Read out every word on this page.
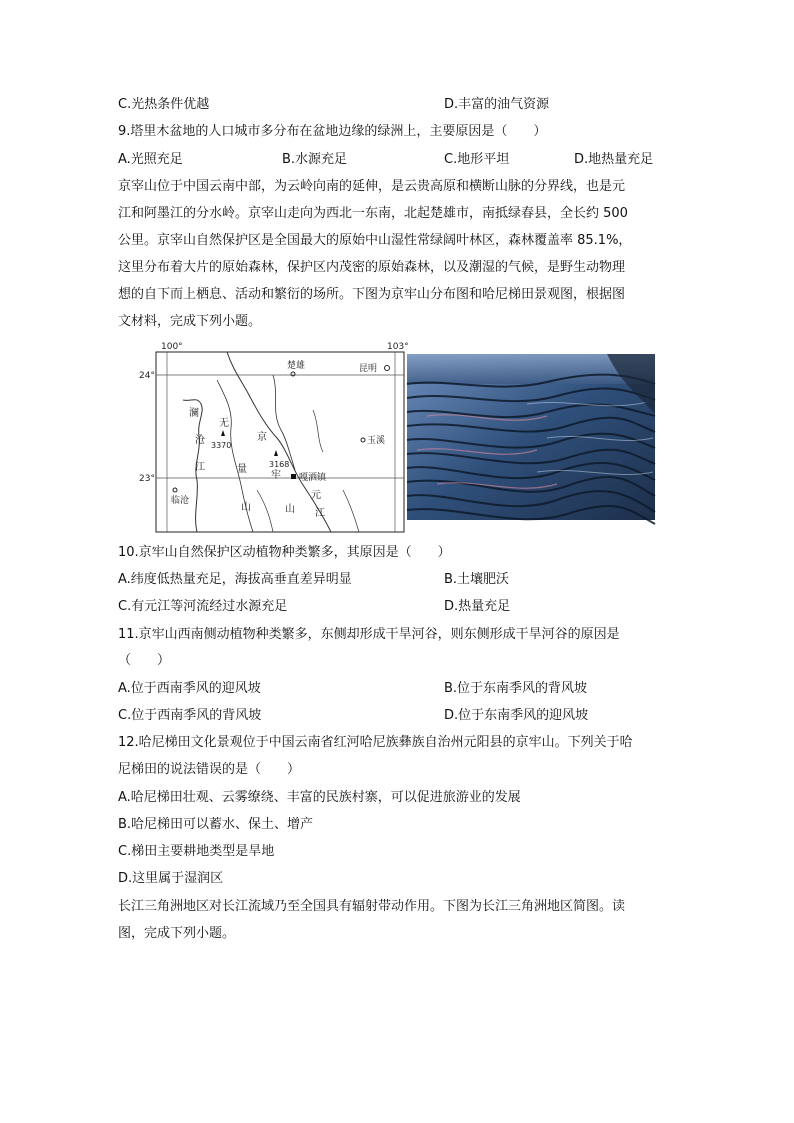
C.光热条件优越	D.丰富的油气资源
9.塔里木盆地的人口城市多分布在盆地边缘的绿洲上，主要原因是（　　）
A.光照充足	B.水源充足	C.地形平坦	D.地热量充足
京宰山位于中国云南中部，为云岭向南的延伸，是云贵高原和横断山脉的分界线，也是元
江和阿墨江的分水岭。京宰山走向为西北一东南，北起楚雄市，南抵绿春县，全长约 500
公里。京宰山自然保护区是全国最大的原始中山湿性常绿阔叶林区，森林覆盖率 85.1%，
这里分布着大片的原始森林，保护区内茂密的原始森林，以及潮湿的气候，是野生动物理
想的自下而上栖息、活动和繁衍的场所。下图为京牢山分布图和哈尼梯田景观图，根据图
文材料，完成下列小题。
100°	103°
24°
23°
楚雄	昆明
玉溪
临沧
嘎洒镇
3370
3168
澜
沧
江
无
量
山
京
牢
山
元
江
10.京牢山自然保护区动植物种类繁多，其原因是（　　）
A.纬度低热量充足，海拔高垂直差异明显	B.土壤肥沃
C.有元江等河流经过水源充足	D.热量充足
11.京牢山西南侧动植物种类繁多，东侧却形成干旱河谷，则东侧形成干旱河谷的原因是
（　　）
A.位于西南季风的迎风坡	B.位于东南季风的背风坡
C.位于西南季风的背风坡	D.位于东南季风的迎风坡
12.哈尼梯田文化景观位于中国云南省红河哈尼族彝族自治州元阳县的京牢山。下列关于哈
尼梯田的说法错误的是（　　）
A.哈尼梯田壮观、云雾缭绕、丰富的民族村寨，可以促进旅游业的发展
B.哈尼梯田可以蓄水、保土、增产
C.梯田主要耕地类型是旱地
D.这里属于湿润区
长江三角洲地区对长江流域乃至全国具有辐射带动作用。下图为长江三角洲地区简图。读
图，完成下列小题。
